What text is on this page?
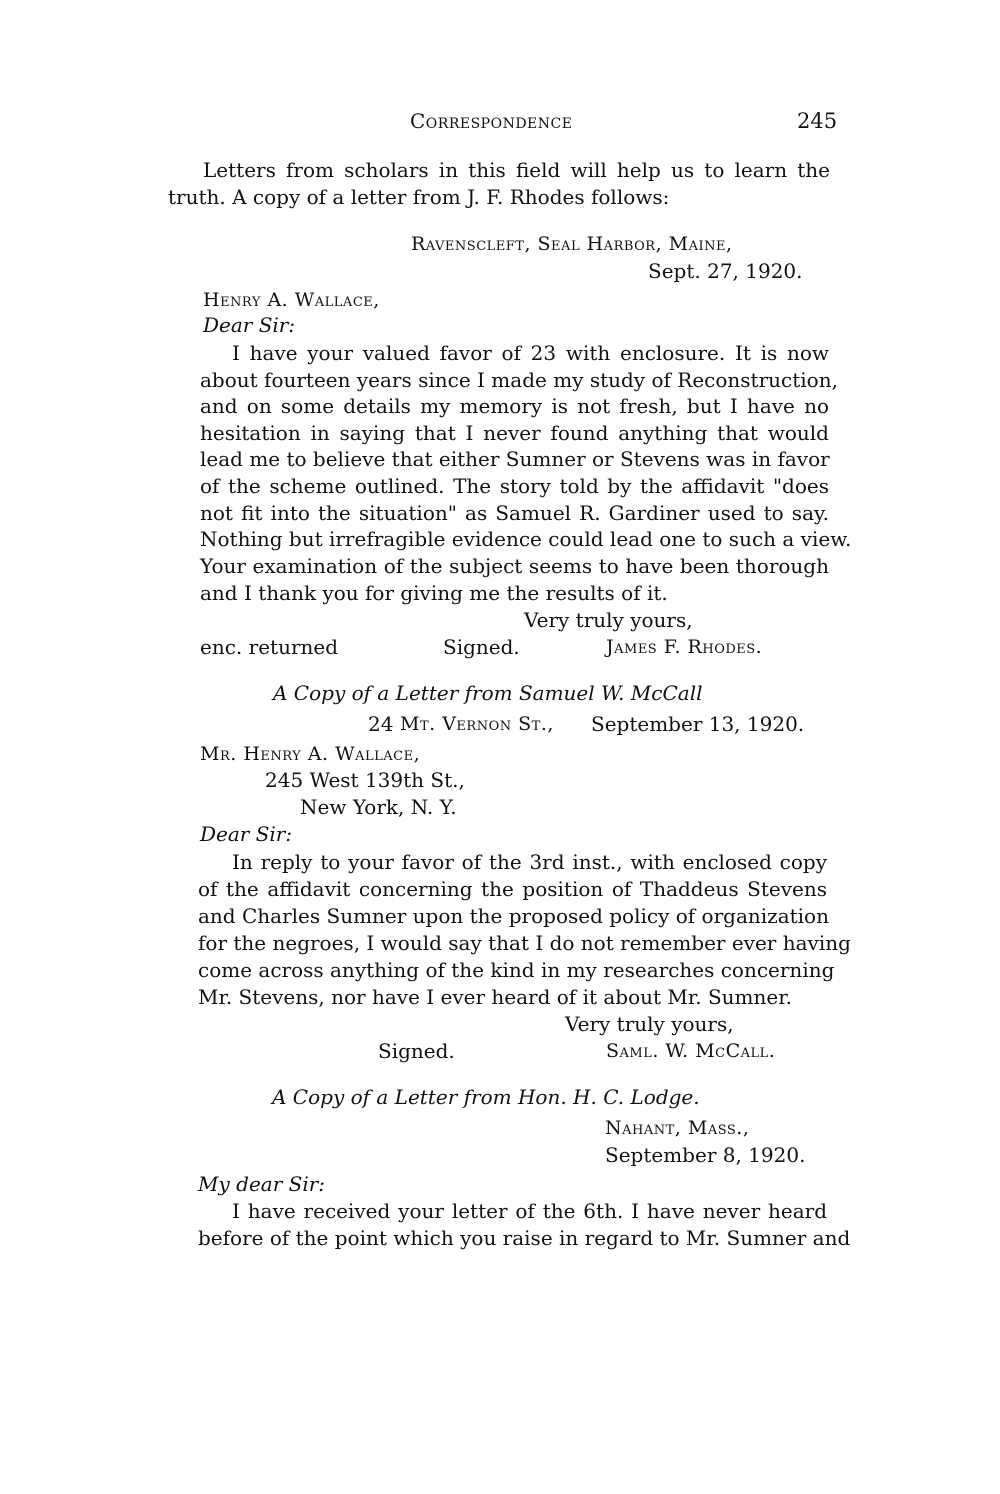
Correspondence	245
Letters from scholars in this field will help us to learn the
truth. A copy of a letter from J. F. Rhodes follows:
Ravenscleft, Seal Harbor, Maine,
Sept. 27, 1920.
Henry A. Wallace,
Dear Sir:
I have your valued favor of 23 with enclosure. It is now
about fourteen years since I made my study of Reconstruction,
and on some details my memory is not fresh, but I have no
hesitation in saying that I never found anything that would
lead me to believe that either Sumner or Stevens was in favor
of the scheme outlined. The story told by the affidavit "does
not fit into the situation" as Samuel R. Gardiner used to say.
Nothing but irrefragible evidence could lead one to such a view.
Your examination of the subject seems to have been thorough
and I thank you for giving me the results of it.
Very truly yours,
enc. returned	Signed.	James F. Rhodes.
A Copy of a Letter from Samuel W. McCall
24 Mt. Vernon St., September 13, 1920.
Mr. Henry A. Wallace,
245 West 139th St.,
New York, N. Y.
Dear Sir:
In reply to your favor of the 3rd inst., with enclosed copy
of the affidavit concerning the position of Thaddeus Stevens
and Charles Sumner upon the proposed policy of organization
for the negroes, I would say that I do not remember ever having
come across anything of the kind in my researches concerning
Mr. Stevens, nor have I ever heard of it about Mr. Sumner.
Very truly yours,
Signed.	Saml. W. McCall.
A Copy of a Letter from Hon. H. C. Lodge.
Nahant, Mass.,
September 8, 1920.
My dear Sir:
I have received your letter of the 6th. I have never heard
before of the point which you raise in regard to Mr. Sumner and
